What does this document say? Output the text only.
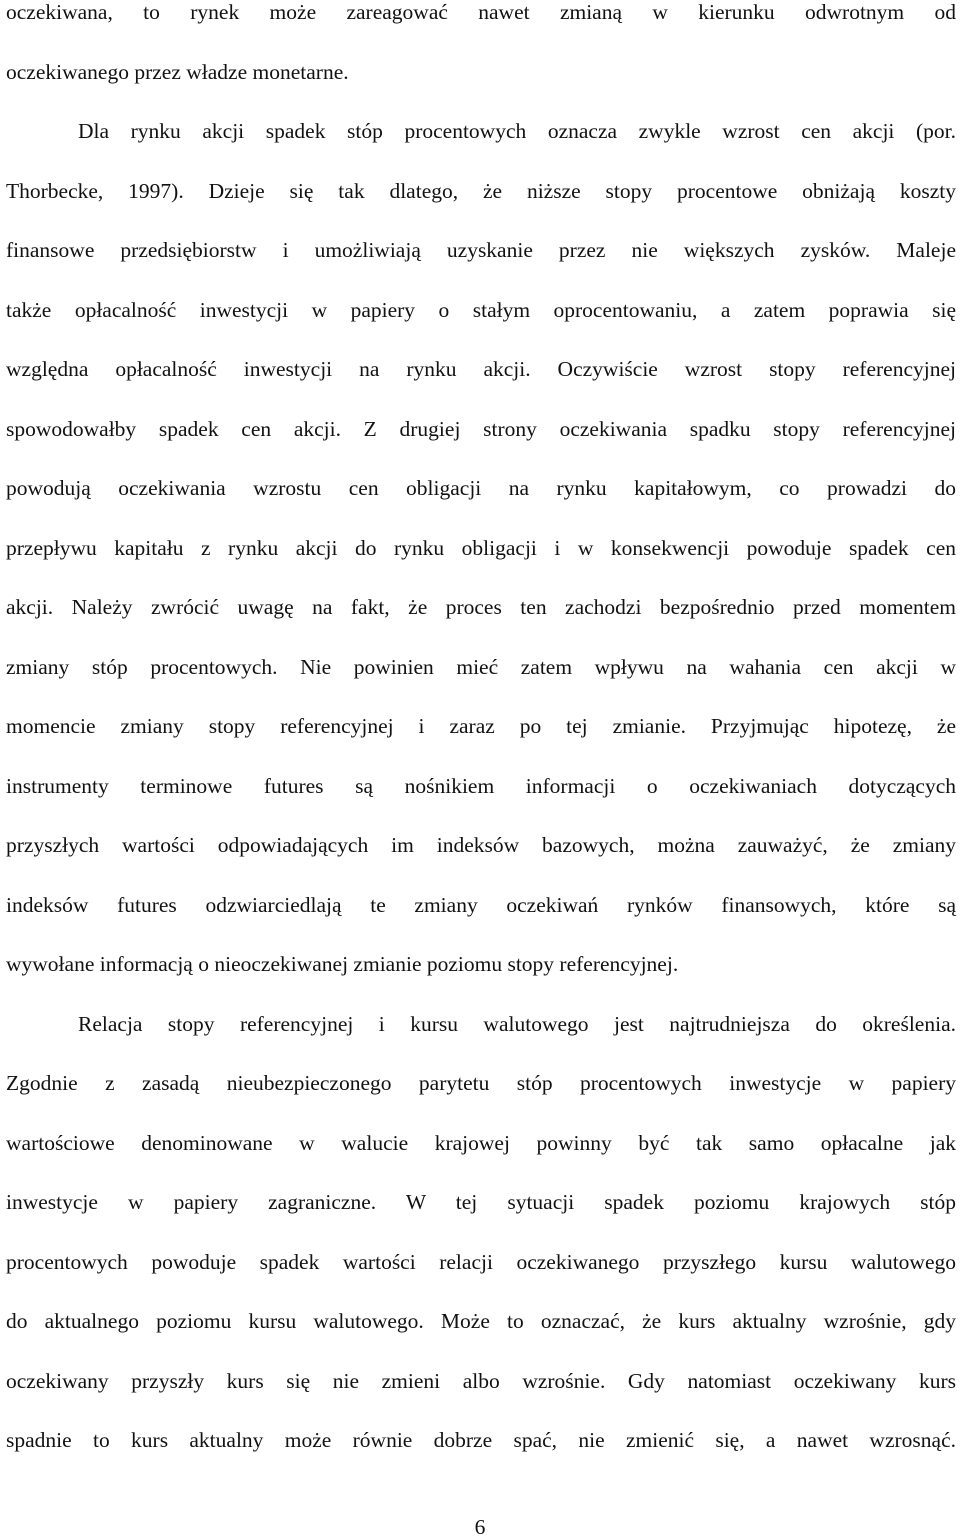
oczekiwana, to rynek może zareagować nawet zmianą w kierunku odwrotnym od
oczekiwanego przez władze monetarne.
Dla rynku akcji spadek stóp procentowych oznacza zwykle wzrost cen akcji (por.
Thorbecke, 1997). Dzieje się tak dlatego, że niższe stopy procentowe obniżają koszty
finansowe przedsiębiorstw i umożliwiają uzyskanie przez nie większych zysków. Maleje
także opłacalność inwestycji w papiery o stałym oprocentowaniu, a zatem poprawia się
względna opłacalność inwestycji na rynku akcji. Oczywiście wzrost stopy referencyjnej
spowodowałby spadek cen akcji. Z drugiej strony oczekiwania spadku stopy referencyjnej
powodują oczekiwania wzrostu cen obligacji na rynku kapitałowym, co prowadzi do
przepływu kapitału z rynku akcji do rynku obligacji i w konsekwencji powoduje spadek cen
akcji. Należy zwrócić uwagę na fakt, że proces ten zachodzi bezpośrednio przed momentem
zmiany stóp procentowych. Nie powinien mieć zatem wpływu na wahania cen akcji w
momencie zmiany stopy referencyjnej i zaraz po tej zmianie. Przyjmując hipotezę, że
instrumenty terminowe futures są nośnikiem informacji o oczekiwaniach dotyczących
przyszłych wartości odpowiadających im indeksów bazowych, można zauważyć, że zmiany
indeksów futures odzwiarciedlają te zmiany oczekiwań rynków finansowych, które są
wywołane informacją o nieoczekiwanej zmianie poziomu stopy referencyjnej.
Relacja stopy referencyjnej i kursu walutowego jest najtrudniejsza do określenia.
Zgodnie z zasadą nieubezpieczonego parytetu stóp procentowych inwestycje w papiery
wartościowe denominowane w walucie krajowej powinny być tak samo opłacalne jak
inwestycje w papiery zagraniczne. W tej sytuacji spadek poziomu krajowych stóp
procentowych powoduje spadek wartości relacji oczekiwanego przyszłego kursu walutowego
do aktualnego poziomu kursu walutowego. Może to oznaczać, że kurs aktualny wzrośnie, gdy
oczekiwany przyszły kurs się nie zmieni albo wzrośnie. Gdy natomiast oczekiwany kurs
spadnie to kurs aktualny może równie dobrze spać, nie zmienić się, a nawet wzrosnąć.
6
